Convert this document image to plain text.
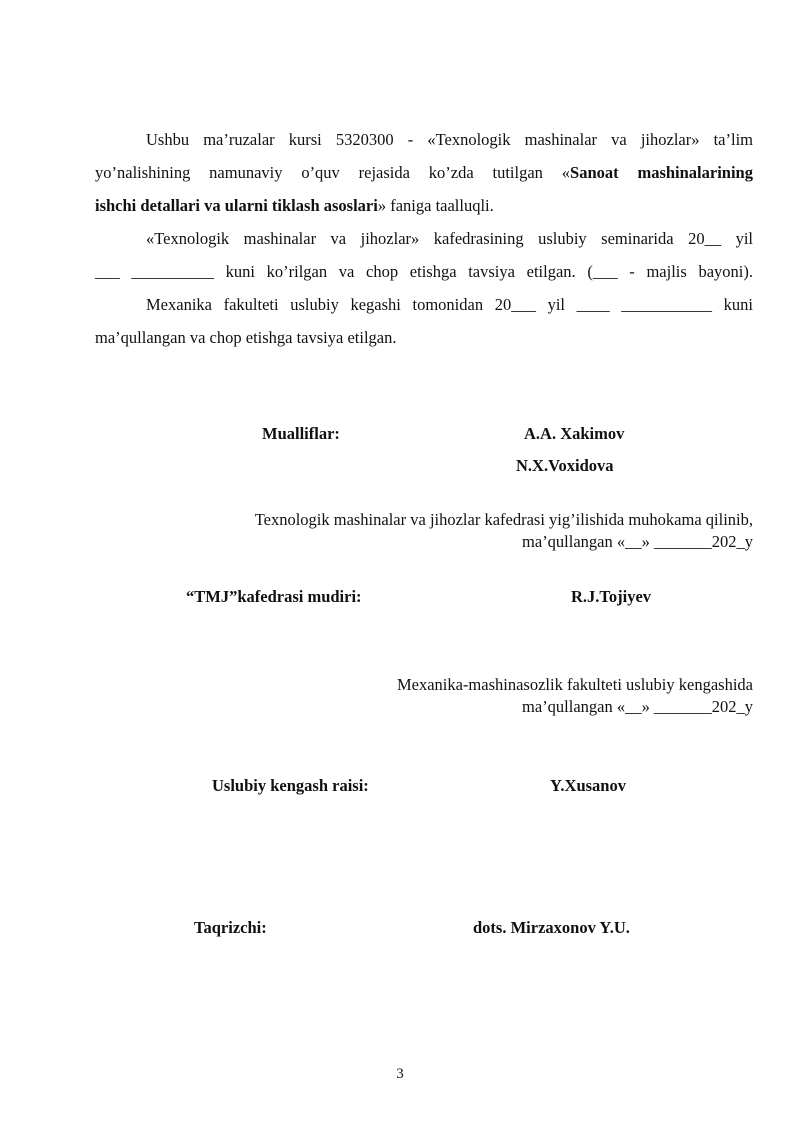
Ushbu ma’ruzalar kursi 5320300 - «Texnologik mashinalar va jihozlar» ta’lim
yo’nalishining namunaviy o’quv rejasida ko’zda tutilgan «Sanoat mashinalarining
ishchi detallari va ularni tiklash asoslari» faniga taalluqli.
«Texnologik mashinalar va jihozlar» kafedrasining uslubiy seminarida 20__ yil
___ __________ kuni ko’rilgan va chop etishga tavsiya etilgan. (___ - majlis bayoni).
Mexanika fakulteti uslubiy kegashi tomonidan 20___ yil ____ ___________ kuni
ma’qullangan va chop etishga tavsiya etilgan.
Mualliflar:	A.A. Xakimov
N.X.Voxidova
Texnologik mashinalar va jihozlar kafedrasi yig’ilishida muhokama qilinib,
ma’qullangan «__» _______202_y
“TMJ”kafedrasi mudiri:	R.J.Tojiyev
Mexanika-mashinasozlik fakulteti uslubiy kengashida
ma’qullangan «__» _______202_y
Uslubiy kengash raisi:	Y.Xusanov
Taqrizchi:	dots. Mirzaxonov Y.U.
3
